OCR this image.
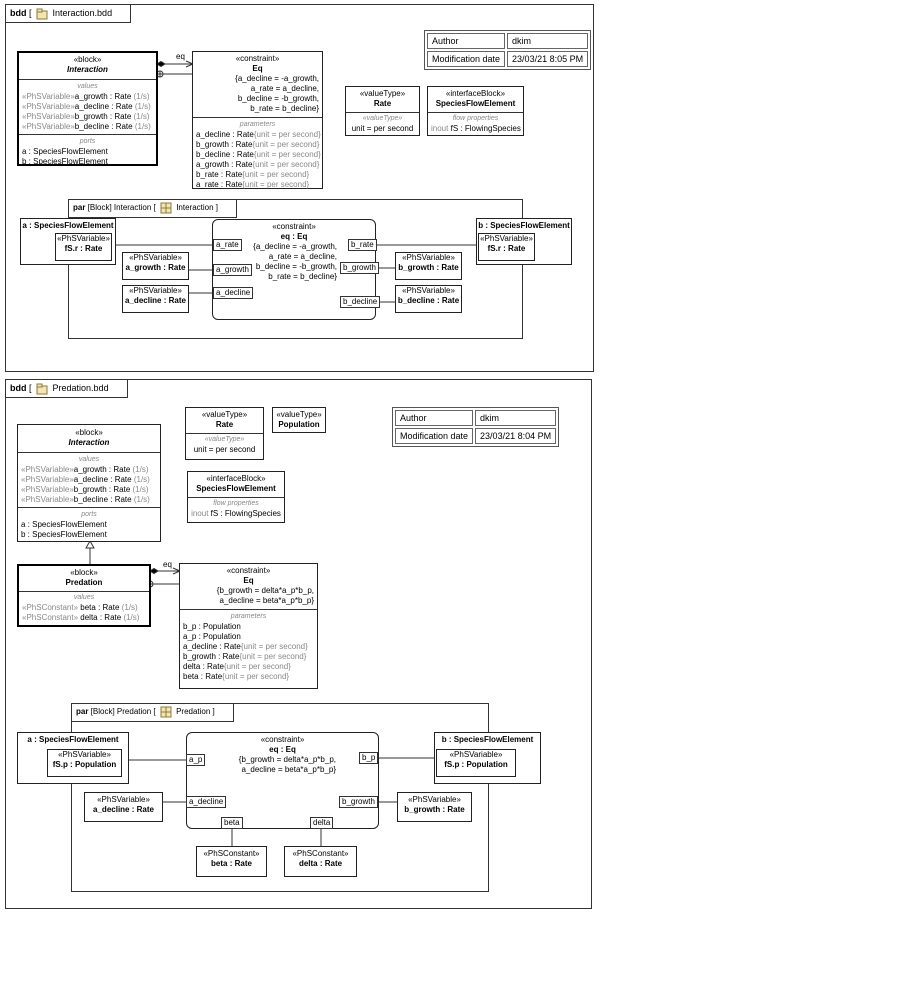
eq
eq
bdd [  Interaction.bdd
Author	dkim
Modification date	23/03/21 8:05 PM
«block»
Interaction
values
«PhSVariable»a_growth : Rate (1/s)
«PhSVariable»a_decline : Rate (1/s)
«PhSVariable»b_growth : Rate (1/s)
«PhSVariable»b_decline : Rate (1/s)
ports
a : SpeciesFlowElement
b : SpeciesFlowElement
«constraint»
Eq
{a_decline = -a_growth,
a_rate = a_decline,
b_decline = -b_growth,
b_rate = b_decline}
parameters
a_decline : Rate{unit = per second}
b_growth : Rate{unit = per second}
b_decline : Rate{unit = per second}
a_growth : Rate{unit = per second}
b_rate : Rate{unit = per second}
a_rate : Rate{unit = per second}
«valueType»
Rate
«valueType»
unit = per second
«interfaceBlock»
SpeciesFlowElement
flow properties
inout fS : FlowingSpecies
par [Block] Interaction [	Interaction ]
a : SpeciesFlowElement
«PhSVariable»
fS.r : Rate
b : SpeciesFlowElement
«PhSVariable»
fS.r : Rate
«PhSVariable»
a_growth : Rate
«PhSVariable»
a_decline : Rate
«PhSVariable»
b_growth : Rate
«PhSVariable»
b_decline : Rate
«constraint»
eq : Eq
{a_decline = -a_growth,
a_rate = a_decline,
b_decline = -b_growth,
b_rate = b_decline}
a_rate
a_growth
a_decline
b_rate
b_growth
b_decline
bdd [  Predation.bdd
Author	dkim
Modification date	23/03/21 8:04 PM
«valueType»
Rate
«valueType»
unit = per second
«valueType»
Population
«interfaceBlock»
SpeciesFlowElement
flow properties
inout fS : FlowingSpecies
«block»
Interaction
values
«PhSVariable»a_growth : Rate (1/s)
«PhSVariable»a_decline : Rate (1/s)
«PhSVariable»b_growth : Rate (1/s)
«PhSVariable»b_decline : Rate (1/s)
ports
a : SpeciesFlowElement
b : SpeciesFlowElement
«block»
Predation
values
«PhSConstant» beta : Rate (1/s)
«PhSConstant» delta : Rate (1/s)
«constraint»
Eq
{b_growth = delta*a_p*b_p,
a_decline = beta*a_p*b_p}
parameters
b_p : Population
a_p : Population
a_decline : Rate{unit = per second}
b_growth : Rate{unit = per second}
delta : Rate{unit = per second}
beta : Rate{unit = per second}
par [Block] Predation [	Predation ]
a : SpeciesFlowElement
«PhSVariable»
fS.p : Population
b : SpeciesFlowElement
«PhSVariable»
fS.p : Population
«PhSVariable»
a_decline : Rate
«PhSVariable»
b_growth : Rate
«PhSConstant»
beta : Rate
«PhSConstant»
delta : Rate
«constraint»
eq : Eq
{b_growth = delta*a_p*b_p,
a_decline = beta*a_p*b_p}
a_p	b_p
a_decline	b_growth
beta	delta
